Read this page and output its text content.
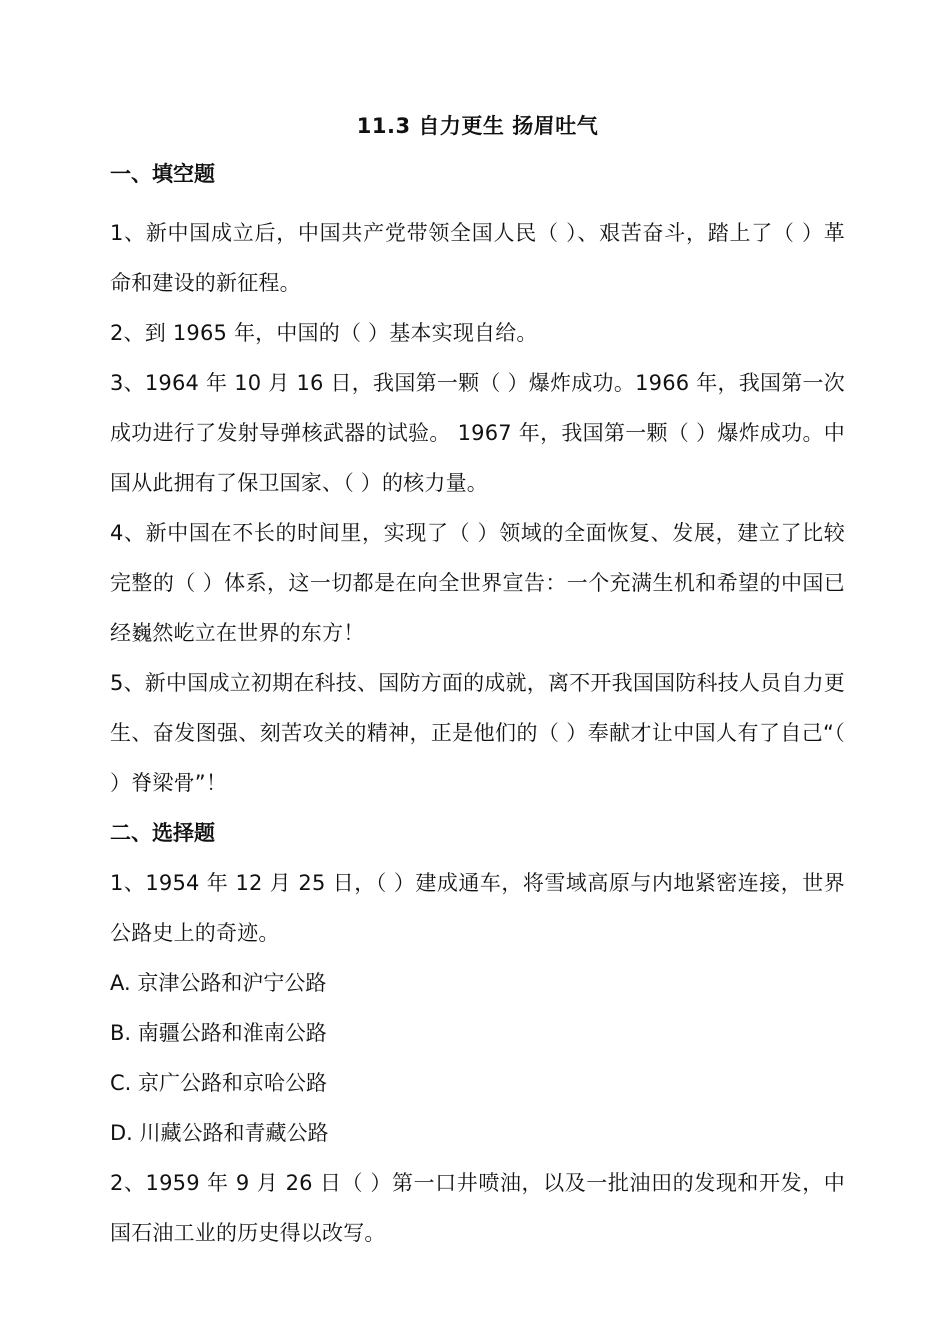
11.3 自力更生 扬眉吐气
一、填空题

1、新中国成立后，中国共产党带领全国人民（ ）、艰苦奋斗，踏上了（ ）革命和建设的新征程。

2、到 1965 年，中国的（ ）基本实现自给。

3、1964 年 10 月 16 日，我国第一颗（ ）爆炸成功。1966 年，我国第一次成功进行了发射导弹核武器的试验。 1967 年，我国第一颗（ ）爆炸成功。中国从此拥有了保卫国家、（ ）的核力量。

4、新中国在不长的时间里，实现了（ ）领域的全面恢复、发展，建立了比较完整的（ ）体系，这一切都是在向全世界宣告：一个充满生机和希望的中国已经巍然屹立在世界的东方！

5、新中国成立初期在科技、国防方面的成就，离不开我国国防科技人员自力更生、奋发图强、刻苦攻关的精神，正是他们的（ ）奉献才让中国人有了自己“（ ）脊梁骨”！

二、选择题

1、1954 年 12 月 25 日，（ ）建成通车，将雪域高原与内地紧密连接，世界公路史上的奇迹。

A. 京津公路和沪宁公路

B. 南疆公路和淮南公路

C. 京广公路和京哈公路

D. 川藏公路和青藏公路

2、1959 年 9 月 26 日（ ）第一口井喷油，以及一批油田的发现和开发，中国石油工业的历史得以改写。
